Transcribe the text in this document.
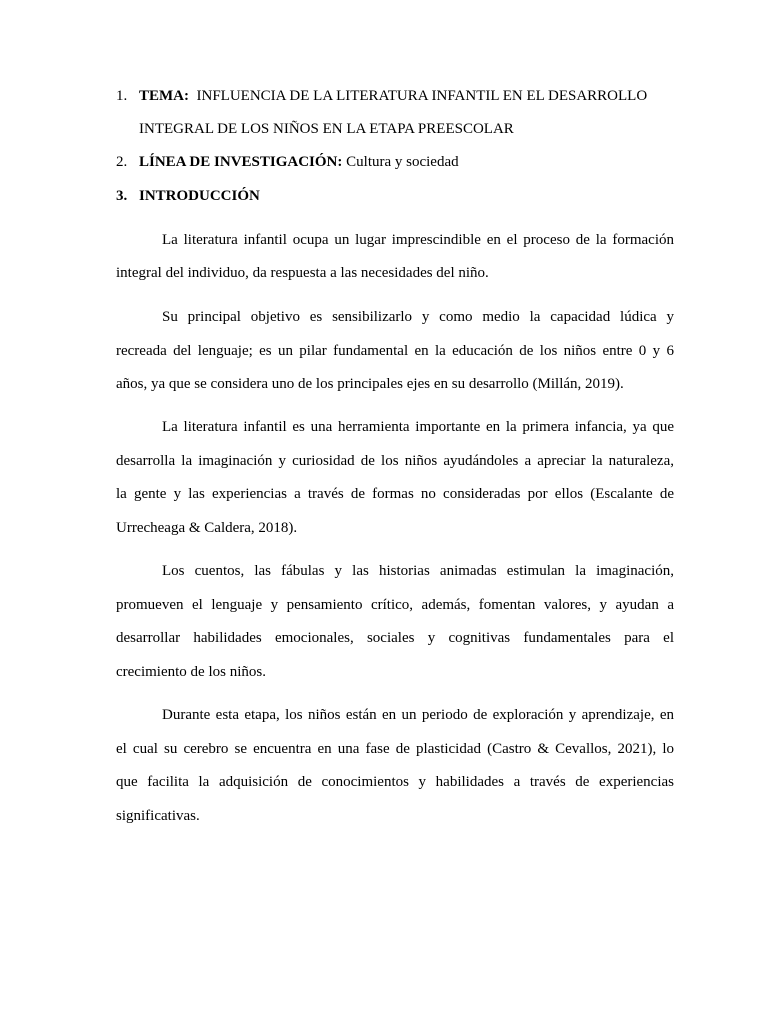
1. TEMA: INFLUENCIA DE LA LITERATURA INFANTIL EN EL DESARROLLO
INTEGRAL DE LOS NIÑOS EN LA ETAPA PREESCOLAR
2. LÍNEA DE INVESTIGACIÓN: Cultura y sociedad
3. INTRODUCCIÓN
La literatura infantil ocupa un lugar imprescindible en el proceso de la formación
integral del individuo, da respuesta a las necesidades del niño.
Su principal objetivo es sensibilizarlo y como medio la capacidad lúdica y
recreada del lenguaje; es un pilar fundamental en la educación de los niños entre 0 y 6
años, ya que se considera uno de los principales ejes en su desarrollo (Millán, 2019).
La literatura infantil es una herramienta importante en la primera infancia, ya que
desarrolla la imaginación y curiosidad de los niños ayudándoles a apreciar la naturaleza,
la gente y las experiencias a través de formas no consideradas por ellos (Escalante de
Urrecheaga & Caldera, 2018).
Los cuentos, las fábulas y las historias animadas estimulan la imaginación,
promueven el lenguaje y pensamiento crítico, además, fomentan valores, y ayudan a
desarrollar habilidades emocionales, sociales y cognitivas fundamentales para el
crecimiento de los niños.
Durante esta etapa, los niños están en un periodo de exploración y aprendizaje, en
el cual su cerebro se encuentra en una fase de plasticidad (Castro & Cevallos, 2021), lo
que facilita la adquisición de conocimientos y habilidades a través de experiencias
significativas.
